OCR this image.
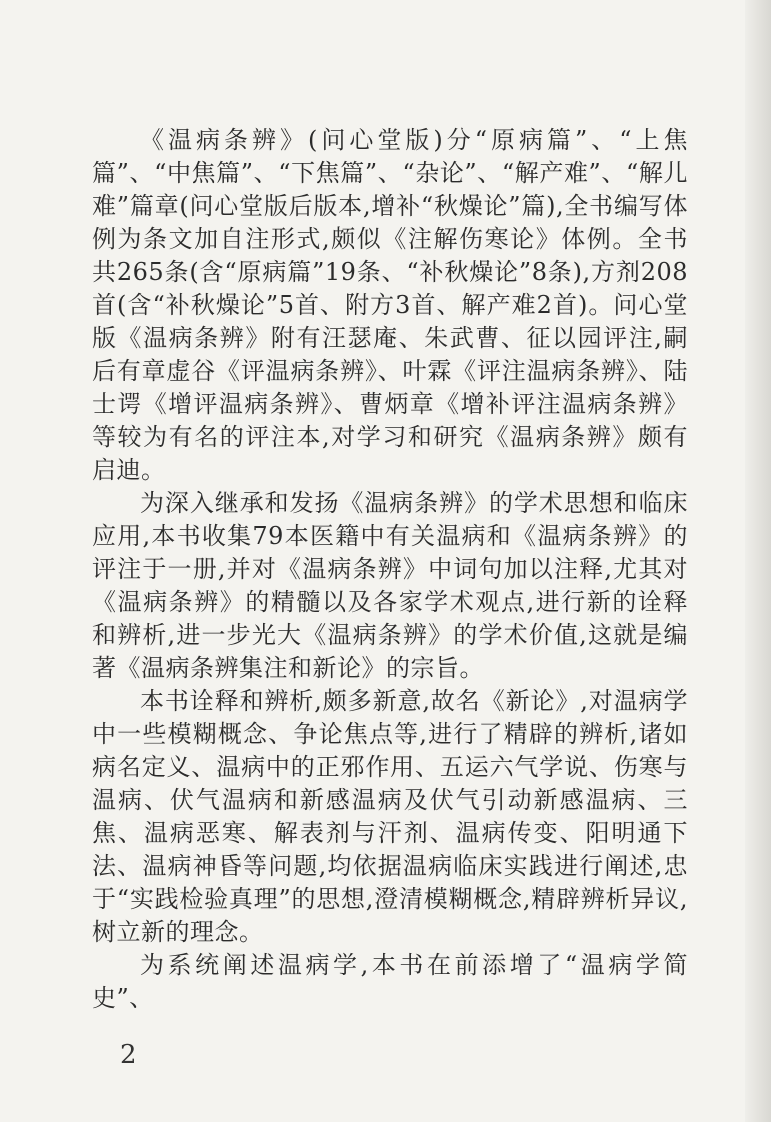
《温病条辨》(问心堂版)分“原病篇”、“上焦篇”、“中焦篇”、“下焦篇”、“杂论”、“解产难”、“解儿难”篇章(问心堂版后版本,增补“秋燥论”篇),全书编写体例为条文加自注形式,颇似《注解伤寒论》体例。全书共265条(含“原病篇”19条、“补秋燥论”8条),方剂208首(含“补秋燥论”5首、附方3首、解产难2首)。问心堂版《温病条辨》附有汪瑟庵、朱武曹、征以园评注,嗣后有章虚谷《评温病条辨》、叶霖《评注温病条辨》、陆士谔《增评温病条辨》、曹炳章《增补评注温病条辨》等较为有名的评注本,对学习和研究《温病条辨》颇有启迪。

为深入继承和发扬《温病条辨》的学术思想和临床应用,本书收集79本医籍中有关温病和《温病条辨》的评注于一册,并对《温病条辨》中词句加以注释,尤其对《温病条辨》的精髓以及各家学术观点,进行新的诠释和辨析,进一步光大《温病条辨》的学术价值,这就是编著《温病条辨集注和新论》的宗旨。

本书诠释和辨析,颇多新意,故名《新论》,对温病学中一些模糊概念、争论焦点等,进行了精辟的辨析,诸如病名定义、温病中的正邪作用、五运六气学说、伤寒与温病、伏气温病和新感温病及伏气引动新感温病、三焦、温病恶寒、解表剂与汗剂、温病传变、阳明通下法、温病神昏等问题,均依据温病临床实践进行阐述,忠于“实践检验真理”的思想,澄清模糊概念,精辟辨析异议,树立新的理念。

为系统阐述温病学,本书在前添增了“温病学简史”、

2
